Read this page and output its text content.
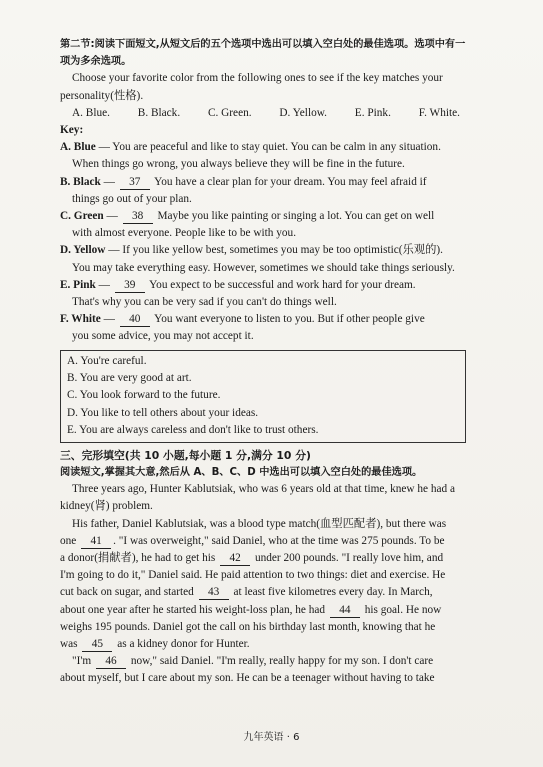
第二节:阅读下面短文,从短文后的五个选项中选出可以填入空白处的最佳选项。选项中有一
项为多余选项。
Choose your favorite color from the following ones to see if the key matches your
personality(性格).
A. Blue. B. Black. C. Green. D. Yellow. E. Pink. F. White.
Key:
A. Blue — You are peaceful and like to stay quiet. You can be calm in any situation.
When things go wrong, you always believe they will be fine in the future.
B. Black — 37 You have a clear plan for your dream. You may feel afraid if
things go out of your plan.
C. Green — 38 Maybe you like painting or singing a lot. You can get on well
with almost everyone. People like to be with you.
D. Yellow — If you like yellow best, sometimes you may be too optimistic(乐观的).
You may take everything easy. However, sometimes we should take things seriously.
E. Pink — 39 You expect to be successful and work hard for your dream.
That's why you can be very sad if you can't do things well.
F. White — 40 You want everyone to listen to you. But if other people give
you some advice, you may not accept it.
A. You're careful.
B. You are very good at art.
C. You look forward to the future.
D. You like to tell others about your ideas.
E. You are always careless and don't like to trust others.
三、完形填空(共 10 小题,每小题 1 分,满分 10 分)
阅读短文,掌握其大意,然后从 A、B、C、D 中选出可以填入空白处的最佳选项。
Three years ago, Hunter Kablutsiak, who was 6 years old at that time, knew he had a
kidney(肾) problem.
His father, Daniel Kablutsiak, was a blood type match(血型匹配者), but there was
one 41 . "I was overweight," said Daniel, who at the time was 275 pounds. To be
a donor(捐献者), he had to get his 42 under 200 pounds. "I really love him, and
I'm going to do it," Daniel said. He paid attention to two things: diet and exercise. He
cut back on sugar, and started 43 at least five kilometres every day. In March,
about one year after he started his weight-loss plan, he had 44 his goal. He now
weighs 195 pounds. Daniel got the call on his birthday last month, knowing that he
was 45 as a kidney donor for Hunter.
"I'm 46 now," said Daniel. "I'm really, really happy for my son. I don't care
about myself, but I care about my son. He can be a teenager without having to take
九年英语 · 6
